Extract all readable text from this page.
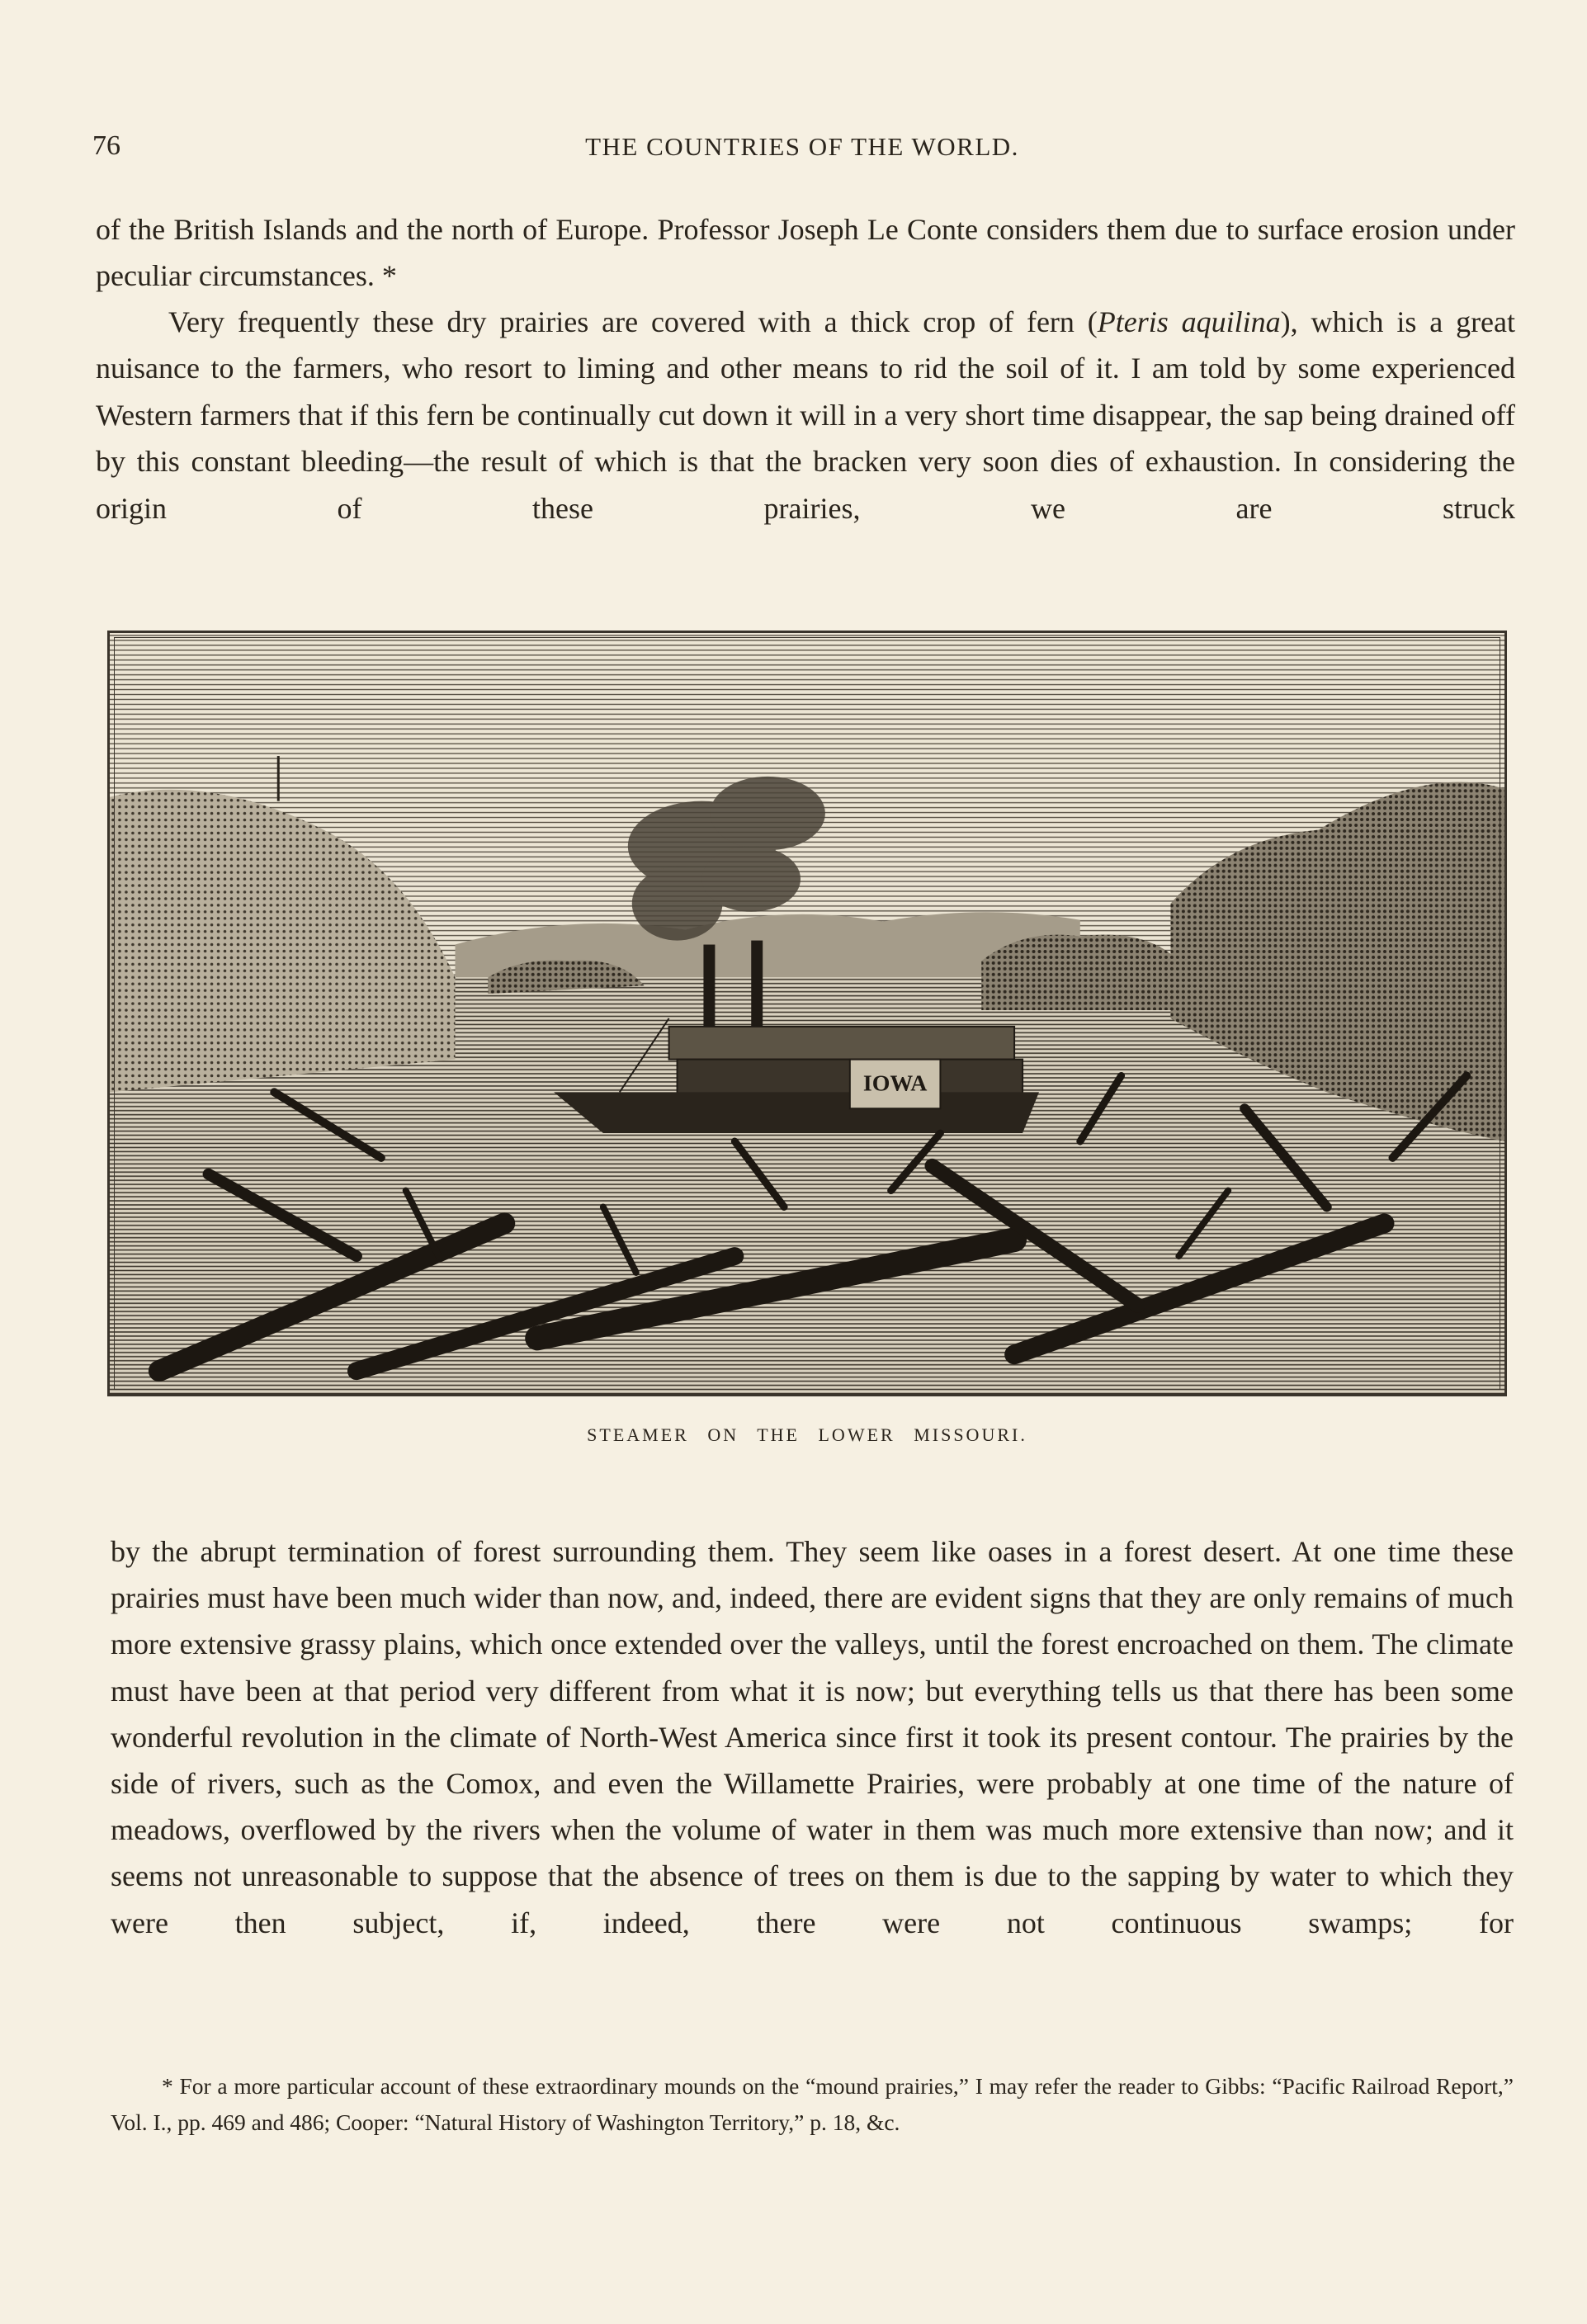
76	THE COUNTRIES OF THE WORLD.

of the British Islands and the north of Europe. Professor Joseph Le Conte considers them due to surface erosion under peculiar circumstances. *

Very frequently these dry prairies are covered with a thick crop of fern (Pteris aquilina), which is a great nuisance to the farmers, who resort to liming and other means to rid the soil of it. I am told by some experienced Western farmers that if this fern be continually cut down it will in a very short time disappear, the sap being drained off by this constant bleeding—the result of which is that the bracken very soon dies of exhaustion. In considering the origin of these prairies, we are struck

IOWA
STEAMER ON THE LOWER MISSOURI.

by the abrupt termination of forest surrounding them. They seem like oases in a forest desert. At one time these prairies must have been much wider than now, and, indeed, there are evident signs that they are only remains of much more extensive grassy plains, which once extended over the valleys, until the forest encroached on them. The climate must have been at that period very different from what it is now; but everything tells us that there has been some wonderful revolution in the climate of North-West America since first it took its present contour. The prairies by the side of rivers, such as the Comox, and even the Willamette Prairies, were probably at one time of the nature of meadows, overflowed by the rivers when the volume of water in them was much more extensive than now; and it seems not unreasonable to suppose that the absence of trees on them is due to the sapping by water to which they were then subject, if, indeed, there were not continuous swamps; for

* For a more particular account of these extraordinary mounds on the “mound prairies,” I may refer the reader to Gibbs: “Pacific Railroad Report,” Vol. I., pp. 469 and 486; Cooper: “Natural History of Washington Territory,” p. 18, &c.
